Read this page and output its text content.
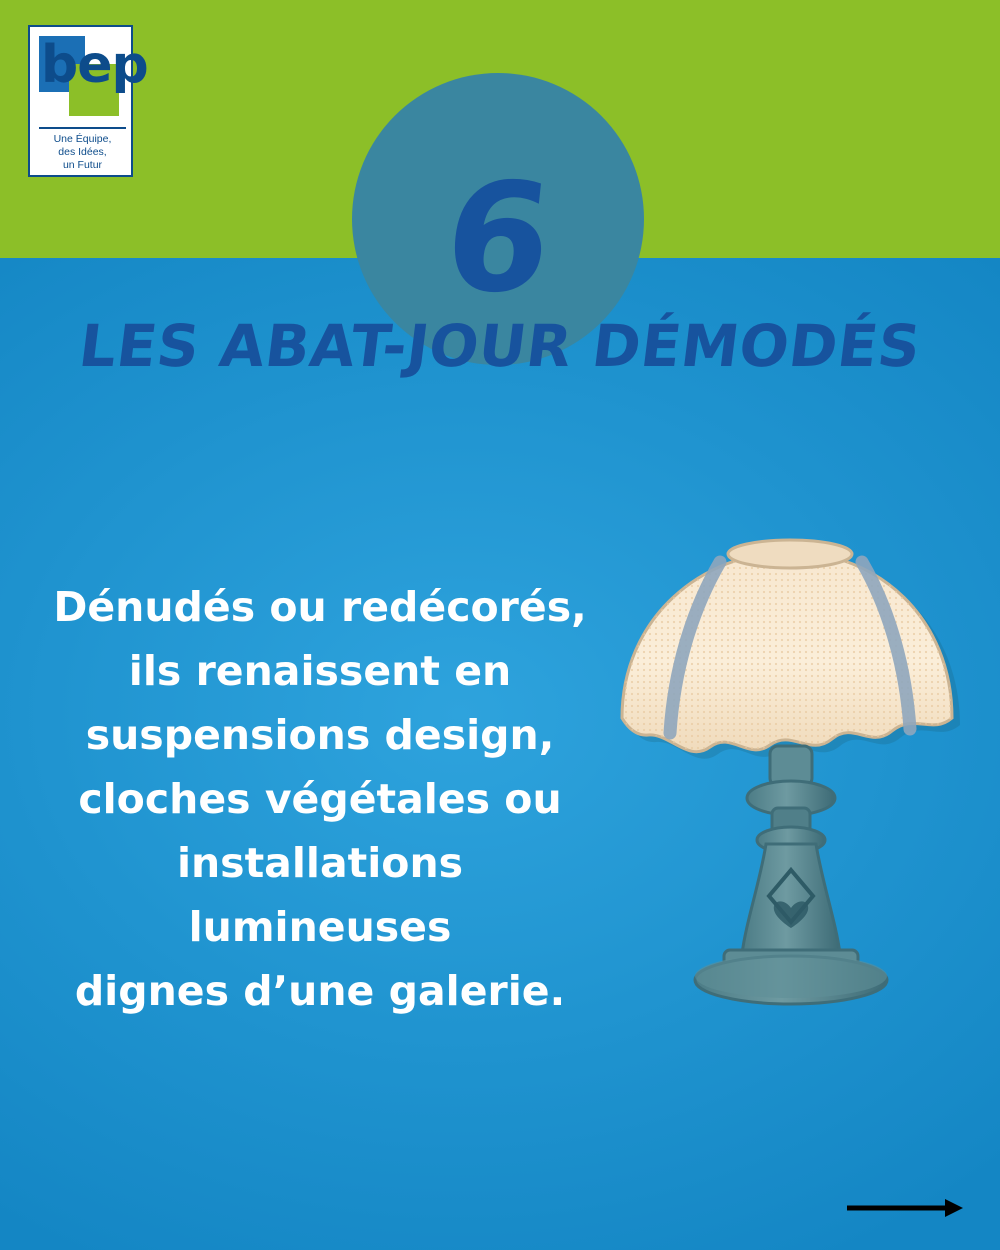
bep
Une Équipe,
des Idées,
un Futur 6
LES ABAT-JOUR DÉMODÉS
Dénudés ou redécorés,
ils renaissent en
suspensions design,
cloches végétales ou
installations lumineuses
dignes d’une galerie.
